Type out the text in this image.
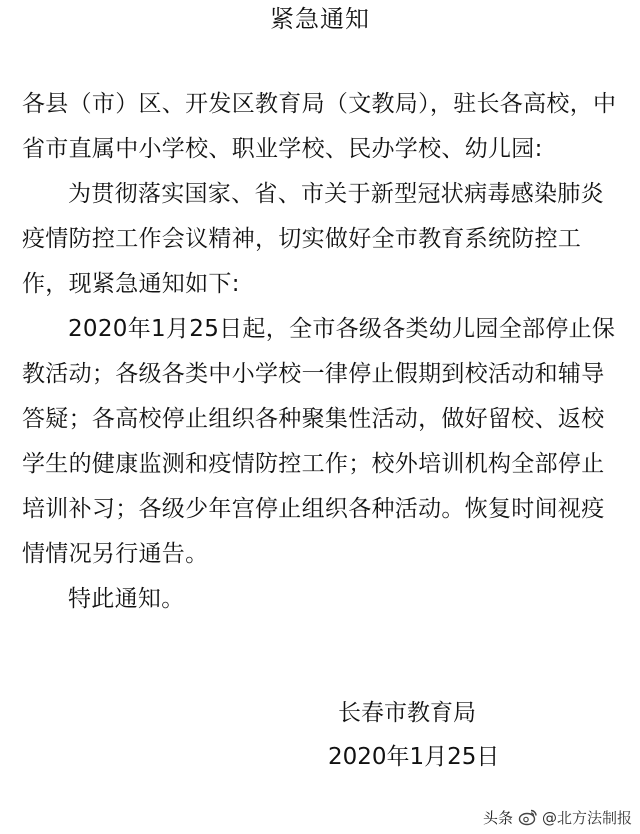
紧急通知

各县（市）区、开发区教育局（文教局），驻长各高校，中省市直属中小学校、职业学校、民办学校、幼儿园:

为贯彻落实国家、省、市关于新型冠状病毒感染肺炎疫情防控工作会议精神，切实做好全市教育系统防控工作，现紧急通知如下:

2020年1月25日起，全市各级各类幼儿园全部停止保教活动；各级各类中小学校一律停止假期到校活动和辅导答疑；各高校停止组织各种聚集性活动，做好留校、返校学生的健康监测和疫情防控工作；校外培训机构全部停止培训补习；各级少年宫停止组织各种活动。恢复时间视疫情情况另行通告。

特此通知。

长春市教育局
2020年1月25日
头条 @北方法制报
